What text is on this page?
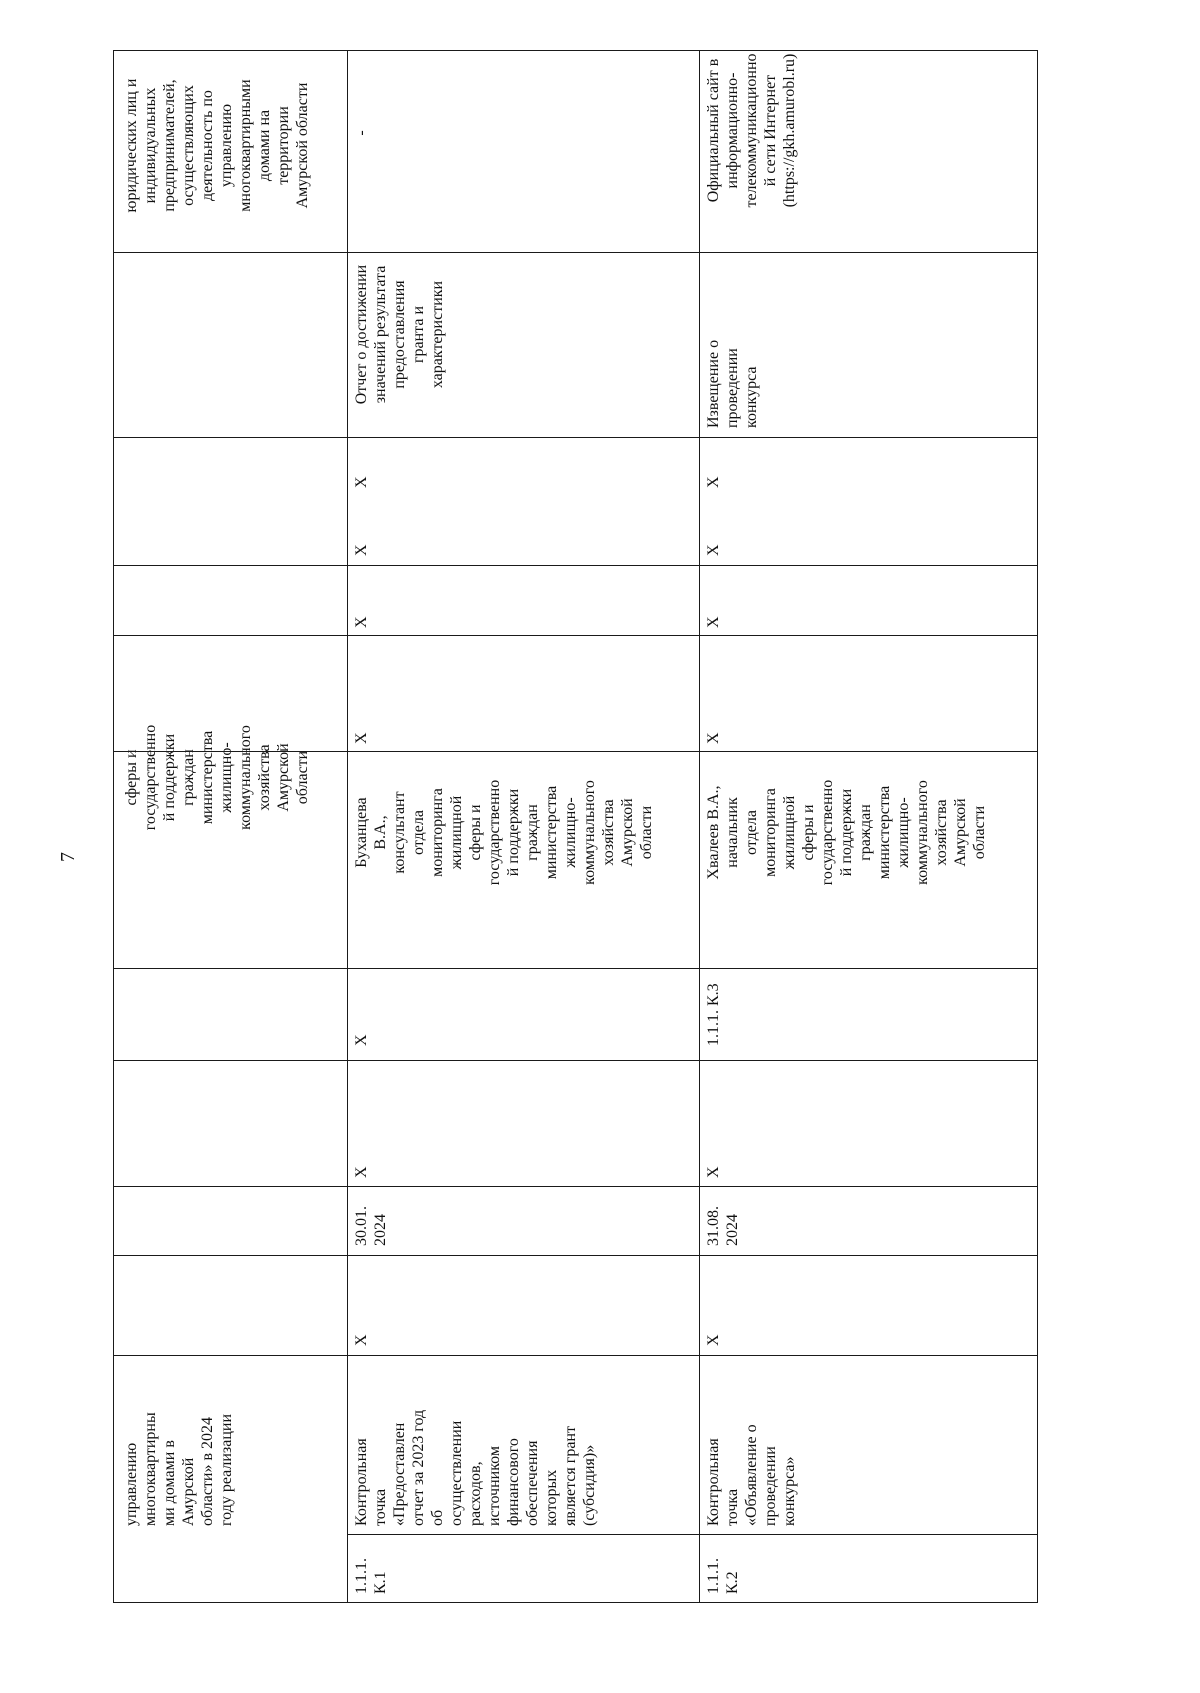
7
управлению
многоквартирны
ми домами в
Амурской
области» в 2024
году реализации
сферы и
государственно
й поддержки
граждан
министерства
жилищно-
коммунального
хозяйства
Амурской
области
юридических лиц и
индивидуальных
предпринимателей,
осуществляющих
деятельность по
управлению
многоквартирными
домами на
территории
Амурской области
1.1.1.
К.1
Контрольная
точка
«Предоставлен
отчет за 2023 год
об
осуществлении
расходов,
источником
финансового
обеспечения
которых
является грант
(субсидия)»
X
30.01.
2024
X
X
Буханцева
В.А.,
консультант
отдела
мониторинга
жилищной
сферы и
государственно
й поддержки
граждан
министерства
жилищно-
коммунального
хозяйства
Амурской
области
X
X
X
X
Отчет о достижении
значений результата
предоставления
гранта и
характеристики
-
1.1.1.
К.2
Контрольная
точка
«Объявление о
проведении
конкурса»
X
31.08.
2024
X
1.1.1. К.3
Хвалеев В.А.,
начальник
отдела
мониторинга
жилищной
сферы и
государственно
й поддержки
граждан
министерства
жилищно-
коммунального
хозяйства
Амурской
области
X
X
X
X
Извещение о
проведении
конкурса
Официальный сайт в
информационно-
телекоммуникационно
й сети Интернет
(https://gkh.amurobl.ru)
